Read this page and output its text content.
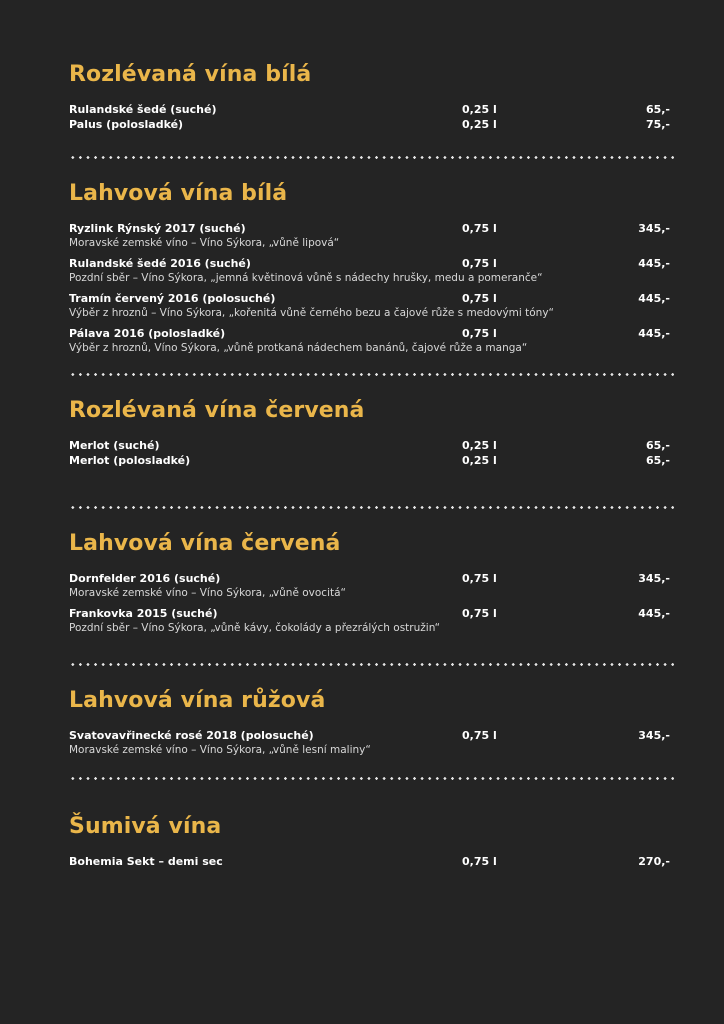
Rozlévaná vína bílá
Rulandské šedé (suché)	0,25 l	65,-
Palus (polosladké)	0,25 l	75,-
Lahvová vína bílá
Ryzlink Rýnský 2017 (suché)	0,75 l	345,-
Moravské zemské víno – Víno Sýkora, „vůně lipová“
Rulandské šedé 2016 (suché)	0,75 l	445,-
Pozdní sběr – Víno Sýkora, „jemná květinová vůně s nádechy hrušky, medu a pomeranče“
Tramín červený 2016 (polosuché)	0,75 l	445,-
Výběr z hroznů – Víno Sýkora, „kořenitá vůně černého bezu a čajové růže s medovými tóny“
Pálava 2016 (polosladké)	0,75 l	445,-
Výběr z hroznů, Víno Sýkora, „vůně protkaná nádechem banánů, čajové růže a manga“
Rozlévaná vína červená
Merlot (suché)	0,25 l	65,-
Merlot (polosladké)	0,25 l	65,-
Lahvová vína červená
Dornfelder 2016 (suché)	0,75 l	345,-
Moravské zemské víno – Víno Sýkora, „vůně ovocitá“
Frankovka 2015 (suché)	0,75 l	445,-
Pozdní sběr – Víno Sýkora, „vůně kávy, čokolády a přezrálých ostružin“
Lahvová vína růžová
Svatovavřinecké rosé 2018 (polosuché)	0,75 l	345,-
Moravské zemské víno – Víno Sýkora, „vůně lesní maliny“
Šumivá vína
Bohemia Sekt – demi sec	0,75 l	270,-
